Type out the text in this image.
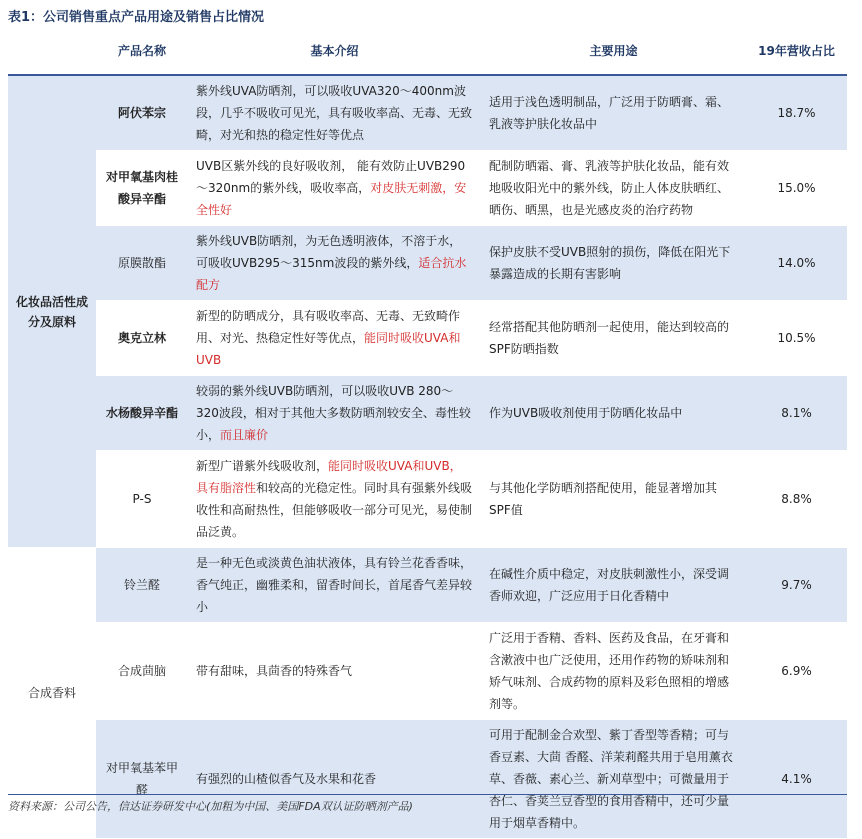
表1：公司销售重点产品用途及销售占比情况
	产品名称	基本介绍	主要用途	19年营收占比
化妆品活性成分及原料	阿伏苯宗	紫外线UVA防晒剂，可以吸收UVA320～400nm波段，几乎不吸收可见光，具有吸收率高、无毒、无致畸，对光和热的稳定性好等优点	适用于浅色透明制品，广泛用于防晒膏、霜、乳液等护肤化妆品中	18.7%
	对甲氧基肉桂酸异辛酯	UVB区紫外线的良好吸收剂， 能有效防止UVB290～320nm的紫外线，吸收率高，对皮肤无刺激，安全性好	配制防晒霜、膏、乳液等护肤化妆品，能有效地吸收阳光中的紫外线，防止人体皮肤晒红、晒伤、晒黑，也是光感皮炎的治疗药物	15.0%
	原膜散酯	紫外线UVB防晒剂，为无色透明液体，不溶于水，可吸收UVB295～315nm波段的紫外线，适合抗水配方	保护皮肤不受UVB照射的损伤，降低在阳光下暴露造成的长期有害影响	14.0%
	奥克立林	新型的防晒成分，具有吸收率高、无毒、无致畸作用、对光、热稳定性好等优点，能同时吸收UVA和UVB	经常搭配其他防晒剂一起使用，能达到较高的SPF防晒指数	10.5%
	水杨酸异辛酯	较弱的紫外线UVB防晒剂，可以吸收UVB 280～320波段，相对于其他大多数防晒剂较安全、毒性较小，而且廉价	作为UVB吸收剂使用于防晒化妆品中	8.1%
	P-S	新型广谱紫外线吸收剂，能同时吸收UVA和UVB，具有脂溶性和较高的光稳定性。同时具有强紫外线吸收性和高耐热性，但能够吸收一部分可见光，易使制品泛黄。	与其他化学防晒剂搭配使用，能显著增加其SPF值	8.8%
合成香料	铃兰醛	是一种无色或淡黄色油状液体，具有铃兰花香香味，香气纯正，幽雅柔和，留香时间长，首尾香气差异较小	在碱性介质中稳定，对皮肤刺激性小，深受调香师欢迎，广泛应用于日化香精中	9.7%
	合成茴脑	带有甜味，具茴香的特殊香气	广泛用于香精、香料、医药及食品，在牙膏和含漱液中也广泛使用，还用作药物的矫味剂和矫气味剂、合成药物的原料及彩色照相的增感剂等。	6.9%
	对甲氧基苯甲醛	有强烈的山楂似香气及水果和花香	可用于配制金合欢型、紫丁香型等香精；可与香豆素、大茴 香醛、洋茉莉醛共用于皂用薰衣草、香薇、素心兰、新刈草型中；可微量用于杏仁、香荚兰豆香型的食用香精中，还可少量用于烟草香精中。	4.1%
资料来源：公司公告，信达证券研发中心(加粗为中国、美国FDA双认证防晒剂产品)
